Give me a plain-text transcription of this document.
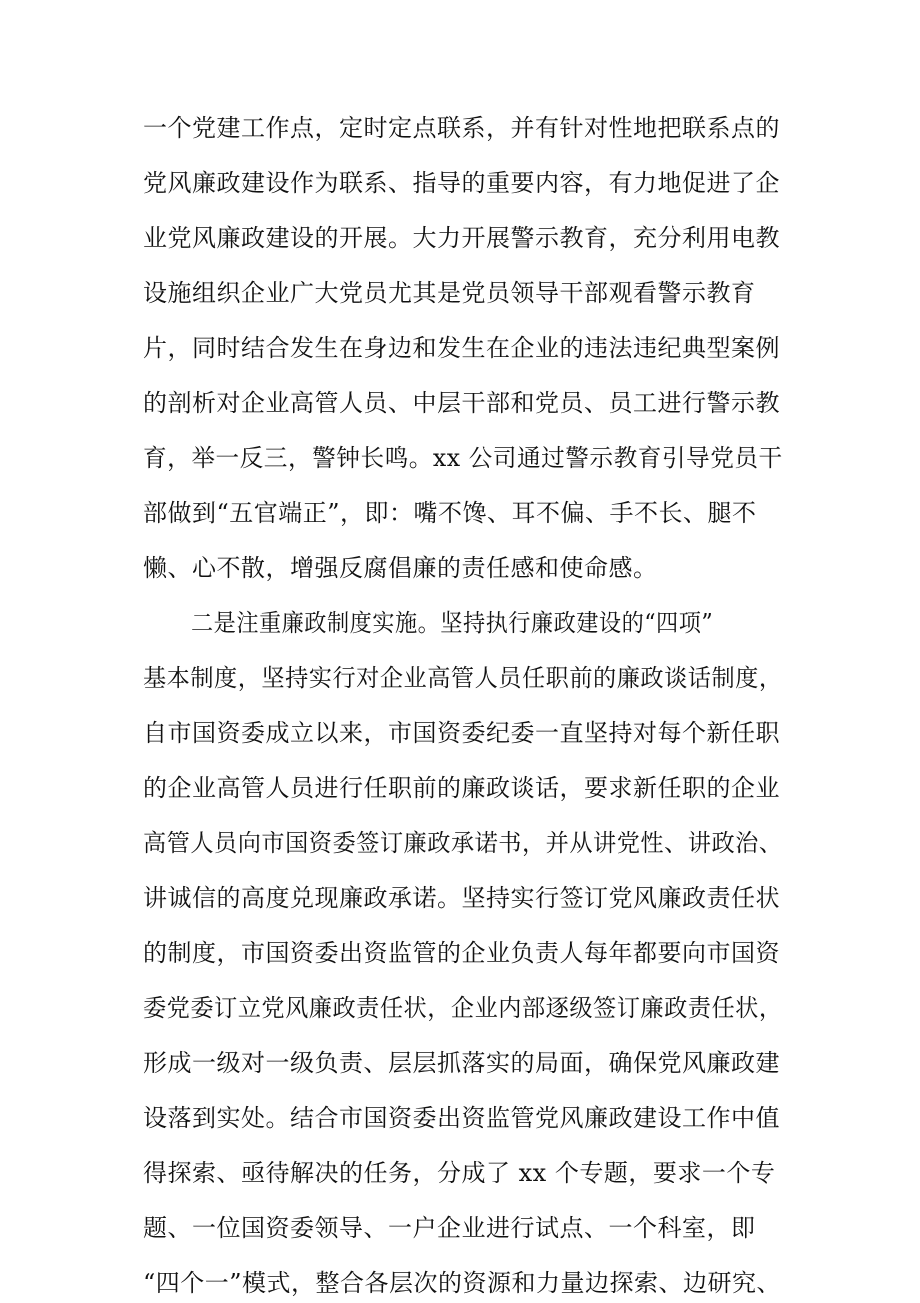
一个党建工作点，定时定点联系，并有针对性地把联系点的
党风廉政建设作为联系、指导的重要内容，有力地促进了企
业党风廉政建设的开展。大力开展警示教育，充分利用电教
设施组织企业广大党员尤其是党员领导干部观看警示教育
片，同时结合发生在身边和发生在企业的违法违纪典型案例
的剖析对企业高管人员、中层干部和党员、员工进行警示教
育，举一反三，警钟长鸣。xx 公司通过警示教育引导党员干
部做到“五官端正”，即：嘴不馋、耳不偏、手不长、腿不
懒、心不散，增强反腐倡廉的责任感和使命感。
二是注重廉政制度实施。坚持执行廉政建设的“四项”
基本制度，坚持实行对企业高管人员任职前的廉政谈话制度，
自市国资委成立以来，市国资委纪委一直坚持对每个新任职
的企业高管人员进行任职前的廉政谈话，要求新任职的企业
高管人员向市国资委签订廉政承诺书，并从讲党性、讲政治、
讲诚信的高度兑现廉政承诺。坚持实行签订党风廉政责任状
的制度，市国资委出资监管的企业负责人每年都要向市国资
委党委订立党风廉政责任状，企业内部逐级签订廉政责任状，
形成一级对一级负责、层层抓落实的局面，确保党风廉政建
设落到实处。结合市国资委出资监管党风廉政建设工作中值
得探索、亟待解决的任务，分成了 xx 个专题，要求一个专
题、一位国资委领导、一户企业进行试点、一个科室，即
“四个一”模式，整合各层次的资源和力量边探索、边研究、
